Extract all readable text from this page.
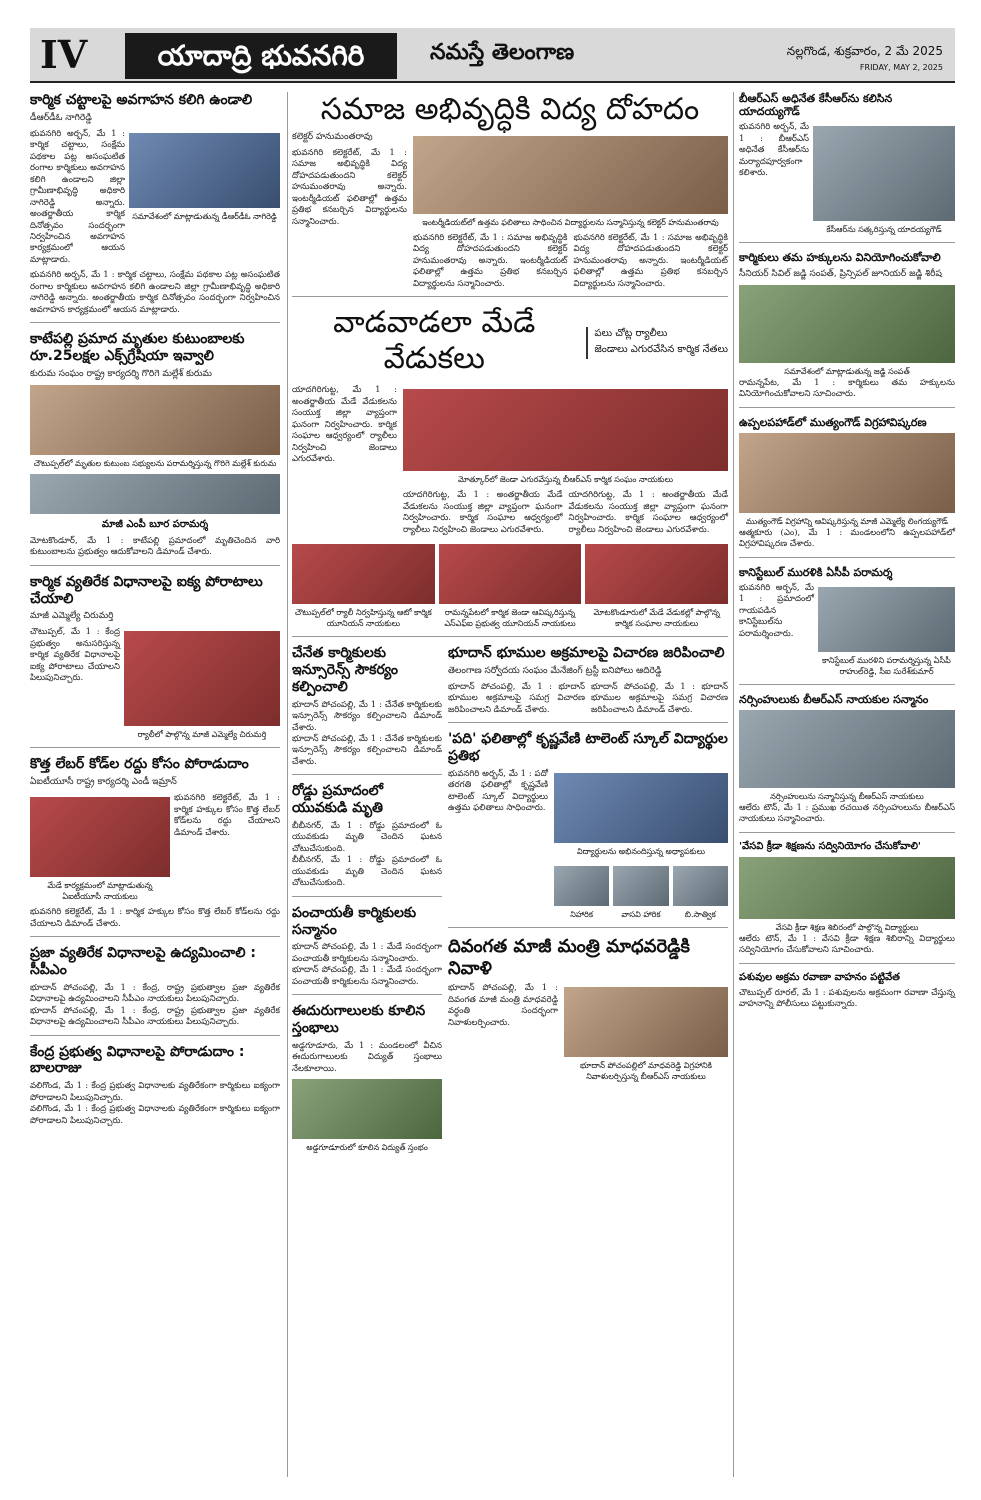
IV	యాదాద్రి భువనగిరి	నమస్తే తెలంగాణ	నల్లగొండ, శుక్రవారం, 2 మే 2025
FRIDAY, MAY 2, 2025
కార్మిక చట్టాలపై అవగాహన కలిగి ఉండాలి
డీఆర్‌డీఓ నాగిరెడ్డి

భువనగిరి అర్బన్, మే 1 : కార్మిక చట్టాలు, సంక్షేమ పథకాల పట్ల అసంఘటిత రంగాల కార్మికులు అవగాహన కలిగి ఉండాలని జిల్లా గ్రామీణాభివృద్ధి అధికారి నాగిరెడ్డి అన్నారు. అంతర్జాతీయ కార్మిక దినోత్సవం సందర్భంగా నిర్వహించిన అవగాహన కార్యక్రమంలో ఆయన మాట్లాడారు.

సమావేశంలో మాట్లాడుతున్న డీఆర్‌డీఓ నాగిరెడ్డి

భువనగిరి అర్బన్, మే 1 : కార్మిక చట్టాలు, సంక్షేమ పథకాల పట్ల అసంఘటిత రంగాల కార్మికులు అవగాహన కలిగి ఉండాలని జిల్లా గ్రామీణాభివృద్ధి అధికారి నాగిరెడ్డి అన్నారు. అంతర్జాతీయ కార్మిక దినోత్సవం సందర్భంగా నిర్వహించిన అవగాహన కార్యక్రమంలో ఆయన మాట్లాడారు.

కాటేపల్లి ప్రమాద మృతుల కుటుంబాలకు రూ.25లక్షల ఎక్స్‌గ్రేషియా ఇవ్వాలి
కురుమ సంఘం రాష్ట్ర కార్యదర్శి గొరిగె మల్లేశ్ కురుమ
చౌటుప్పల్‌లో మృతుల కుటుంబ సభ్యులను పరామర్శిస్తున్న గొరిగె మల్లేశ్ కురుమ
మాజీ ఎంపీ బూర పరామర్శ

మోటకొండూర్, మే 1 : కాటేపల్లి ప్రమాదంలో మృతిచెందిన వారి కుటుంబాలను ప్రభుత్వం ఆదుకోవాలని డిమాండ్ చేశారు.

కార్మిక వ్యతిరేక విధానాలపై ఐక్య పోరాటాలు చేయాలి
మాజీ ఎమ్మెల్యే చిరుమర్తి

చౌటుప్పల్, మే 1 : కేంద్ర ప్రభుత్వం అనుసరిస్తున్న కార్మిక వ్యతిరేక విధానాలపై ఐక్య పోరాటాలు చేయాలని పిలుపునిచ్చారు.

ర్యాలీలో పాల్గొన్న మాజీ ఎమ్మెల్యే చిరుమర్తి
కొత్త లేబర్ కోడ్‌ల రద్దు కోసం పోరాడుదాం
ఏఐటీయూసీ రాష్ట్ర కార్యదర్శి ఎండీ ఇమ్రాన్
మేడే కార్యక్రమంలో మాట్లాడుతున్న ఏఐటీయూసీ నాయకులు

భువనగిరి కలెక్టరేట్, మే 1 : కార్మిక హక్కుల కోసం కొత్త లేబర్ కోడ్‌లను రద్దు చేయాలని డిమాండ్ చేశారు.

భువనగిరి కలెక్టరేట్, మే 1 : కార్మిక హక్కుల కోసం కొత్త లేబర్ కోడ్‌లను రద్దు చేయాలని డిమాండ్ చేశారు.

ప్రజా వ్యతిరేక విధానాలపై ఉద్యమించాలి : సీపీఎం

భూదాన్ పోచంపల్లి, మే 1 : కేంద్ర, రాష్ట్ర ప్రభుత్వాల ప్రజా వ్యతిరేక విధానాలపై ఉద్యమించాలని సీపీఎం నాయకులు పిలుపునిచ్చారు.

భూదాన్ పోచంపల్లి, మే 1 : కేంద్ర, రాష్ట్ర ప్రభుత్వాల ప్రజా వ్యతిరేక విధానాలపై ఉద్యమించాలని సీపీఎం నాయకులు పిలుపునిచ్చారు.

కేంద్ర ప్రభుత్వ విధానాలపై పోరాడుదాం : బాలరాజు

వలిగొండ, మే 1 : కేంద్ర ప్రభుత్వ విధానాలకు వ్యతిరేకంగా కార్మికులు ఐక్యంగా పోరాడాలని పిలుపునిచ్చారు.

వలిగొండ, మే 1 : కేంద్ర ప్రభుత్వ విధానాలకు వ్యతిరేకంగా కార్మికులు ఐక్యంగా పోరాడాలని పిలుపునిచ్చారు.

సమాజ అభివృద్ధికి విద్య దోహదం
కలెక్టర్ హనుమంతరావు

భువనగిరి కలెక్టరేట్, మే 1 : సమాజ అభివృద్ధికి విద్య దోహదపడుతుందని కలెక్టర్ హనుమంతరావు అన్నారు. ఇంటర్మీడియట్ ఫలితాల్లో ఉత్తమ ప్రతిభ కనబర్చిన విద్యార్థులను సన్మానించారు.	ఇంటర్మీడియట్‌లో ఉత్తమ ఫలితాలు సాధించిన విద్యార్థులను సన్మానిస్తున్న కలెక్టర్ హనుమంతరావు

భువనగిరి కలెక్టరేట్, మే 1 : సమాజ అభివృద్ధికి విద్య దోహదపడుతుందని కలెక్టర్ హనుమంతరావు అన్నారు. ఇంటర్మీడియట్ ఫలితాల్లో ఉత్తమ ప్రతిభ కనబర్చిన విద్యార్థులను సన్మానించారు.

భువనగిరి కలెక్టరేట్, మే 1 : సమాజ అభివృద్ధికి విద్య దోహదపడుతుందని కలెక్టర్ హనుమంతరావు అన్నారు. ఇంటర్మీడియట్ ఫలితాల్లో ఉత్తమ ప్రతిభ కనబర్చిన విద్యార్థులను సన్మానించారు.

వాడవాడలా మేడే వేడుకలు
పలు చోట్ల ర్యాలీలు
జెండాలు ఎగురవేసిన కార్మిక నేతలు

యాదగిరిగుట్ట, మే 1 : అంతర్జాతీయ మేడే వేడుకలను సంయుక్త జిల్లా వ్యాప్తంగా ఘనంగా నిర్వహించారు. కార్మిక సంఘాల ఆధ్వర్యంలో ర్యాలీలు నిర్వహించి జెండాలు ఎగురవేశారు.

మోత్కూర్‌లో జెండా ఎగురవేస్తున్న బీఆర్‌ఎస్ కార్మిక సంఘం నాయకులు

యాదగిరిగుట్ట, మే 1 : అంతర్జాతీయ మేడే వేడుకలను సంయుక్త జిల్లా వ్యాప్తంగా ఘనంగా నిర్వహించారు. కార్మిక సంఘాల ఆధ్వర్యంలో ర్యాలీలు నిర్వహించి జెండాలు ఎగురవేశారు.

యాదగిరిగుట్ట, మే 1 : అంతర్జాతీయ మేడే వేడుకలను సంయుక్త జిల్లా వ్యాప్తంగా ఘనంగా నిర్వహించారు. కార్మిక సంఘాల ఆధ్వర్యంలో ర్యాలీలు నిర్వహించి జెండాలు ఎగురవేశారు.

చౌటుప్పల్‌లో ర్యాలీ నిర్వహిస్తున్న ఆటో కార్మిక యూనియన్ నాయకులు
రామన్నపేటలో కార్మిక జెండా ఆవిష్కరిస్తున్న ఎస్‌ఎఫ్‌ఐ ప్రభుత్వ యూనియన్ నాయకులు
మోటకొండూరులో మేడే వేడుకల్లో పాల్గొన్న కార్మిక సంఘాల నాయకులు
చేనేత కార్మికులకు ఇన్సూరెన్స్ సౌకర్యం కల్పించాలి

భూదాన్ పోచంపల్లి, మే 1 : చేనేత కార్మికులకు ఇన్సూరెన్స్ సౌకర్యం కల్పించాలని డిమాండ్ చేశారు.

భూదాన్ పోచంపల్లి, మే 1 : చేనేత కార్మికులకు ఇన్సూరెన్స్ సౌకర్యం కల్పించాలని డిమాండ్ చేశారు.

రోడ్డు ప్రమాదంలో యువకుడి మృతి

బీబీనగర్, మే 1 : రోడ్డు ప్రమాదంలో ఓ యువకుడు మృతి చెందిన ఘటన చోటుచేసుకుంది.

బీబీనగర్, మే 1 : రోడ్డు ప్రమాదంలో ఓ యువకుడు మృతి చెందిన ఘటన చోటుచేసుకుంది.

పంచాయతీ కార్మికులకు సన్మానం

భూదాన్ పోచంపల్లి, మే 1 : మేడే సందర్భంగా పంచాయతీ కార్మికులను సన్మానించారు.

భూదాన్ పోచంపల్లి, మే 1 : మేడే సందర్భంగా పంచాయతీ కార్మికులను సన్మానించారు.

ఈదురుగాలులకు కూలిన స్తంభాలు

అడ్డగూడూరు, మే 1 : మండలంలో వీచిన ఈదురుగాలులకు విద్యుత్ స్తంభాలు నేలకూలాయి.

అడ్డగూడూరులో కూలిన విద్యుత్ స్తంభం
భూదాన్ భూముల అక్రమాలపై విచారణ జరిపించాలి
తెలంగాణ సర్వోదయ సంఘం మేనేజింగ్ ట్రస్టీ ఐనిపోలు ఆదిరెడ్డి

భూదాన్ పోచంపల్లి, మే 1 : భూదాన్ భూముల అక్రమాలపై సమగ్ర విచారణ జరిపించాలని డిమాండ్ చేశారు.

భూదాన్ పోచంపల్లి, మే 1 : భూదాన్ భూముల అక్రమాలపై సమగ్ర విచారణ జరిపించాలని డిమాండ్ చేశారు.

'పది' ఫలితాల్లో కృష్ణవేణి టాలెంట్ స్కూల్ విద్యార్థుల ప్రతిభ

భువనగిరి అర్బన్, మే 1 : పదో తరగతి ఫలితాల్లో కృష్ణవేణి టాలెంట్ స్కూల్ విద్యార్థులు ఉత్తమ ఫలితాలు సాధించారు.

విద్యార్థులను అభినందిస్తున్న అధ్యాపకులు
నిహారిక	వాసవి హారిక	బి.సాత్విక
దివంగత మాజీ మంత్రి మాధవరెడ్డికి నివాళి

భూదాన్ పోచంపల్లి, మే 1 : దివంగత మాజీ మంత్రి మాధవరెడ్డి వర్ధంతి సందర్భంగా నివాళులర్పించారు.

భూదాన్ పోచంపల్లిలో మాధవరెడ్డి విగ్రహానికి నివాళులర్పిస్తున్న బీఆర్‌ఎస్ నాయకులు
బీఆర్‌ఎస్ అధినేత కేసీఆర్‌ను కలిసిన యాదయ్యగౌడ్

భువనగిరి అర్బన్, మే 1 : బీఆర్‌ఎస్ అధినేత కేసీఆర్‌ను మర్యాదపూర్వకంగా కలిశారు.

కేసీఆర్‌ను సత్కరిస్తున్న యాదయ్యగౌడ్
కార్మికులు తమ హక్కులను వినియోగించుకోవాలి
సీనియర్ సివిల్ జడ్జి సంపత్, ప్రిన్సిపల్ జూనియర్ జడ్జి శిరీష
సమావేశంలో మాట్లాడుతున్న జడ్జి సంపత్

రామన్నపేట, మే 1 : కార్మికులు తమ హక్కులను వినియోగించుకోవాలని సూచించారు.

ఉప్పలపహాడ్‌లో ముత్యంగౌడ్ విగ్రహావిష్కరణ
ముత్యంగౌడ్ విగ్రహాన్ని ఆవిష్కరిస్తున్న మాజీ ఎమ్మెల్యే లింగయ్యగౌడ్

ఆత్మకూరు (ఎం), మే 1 : మండలంలోని ఉప్పలపహాడ్‌లో విగ్రహావిష్కరణ చేశారు.

కానిస్టేబుల్ మురళికి ఏసీపీ పరామర్శ

భువనగిరి అర్బన్, మే 1 : ప్రమాదంలో గాయపడిన కానిస్టేబుల్‌ను పరామర్శించారు.

కానిస్టేబుల్ మురళిని పరామర్శిస్తున్న ఏసీపీ రాహుల్‌రెడ్డి, సీఐ సురేశ్‌కుమార్
నర్సింహులుకు బీఆర్‌ఎస్ నాయకుల సన్మానం
నర్సింహులును సన్మానిస్తున్న బీఆర్‌ఎస్ నాయకులు

ఆలేరు టౌన్, మే 1 : ప్రముఖ రచయిత నర్సింహులును బీఆర్‌ఎస్ నాయకులు సన్మానించారు.

'వేసవి క్రీడా శిక్షణను సద్వినియోగం చేసుకోవాలి'
వేసవి క్రీడా శిక్షణ శిబిరంలో పాల్గొన్న విద్యార్థులు

ఆలేరు టౌన్, మే 1 : వేసవి క్రీడా శిక్షణ శిబిరాన్ని విద్యార్థులు సద్వినియోగం చేసుకోవాలని సూచించారు.

పశువుల అక్రమ రవాణా వాహనం పట్టివేత

చౌటుప్పల్ రూరల్, మే 1 : పశువులను అక్రమంగా రవాణా చేస్తున్న వాహనాన్ని పోలీసులు పట్టుకున్నారు.
